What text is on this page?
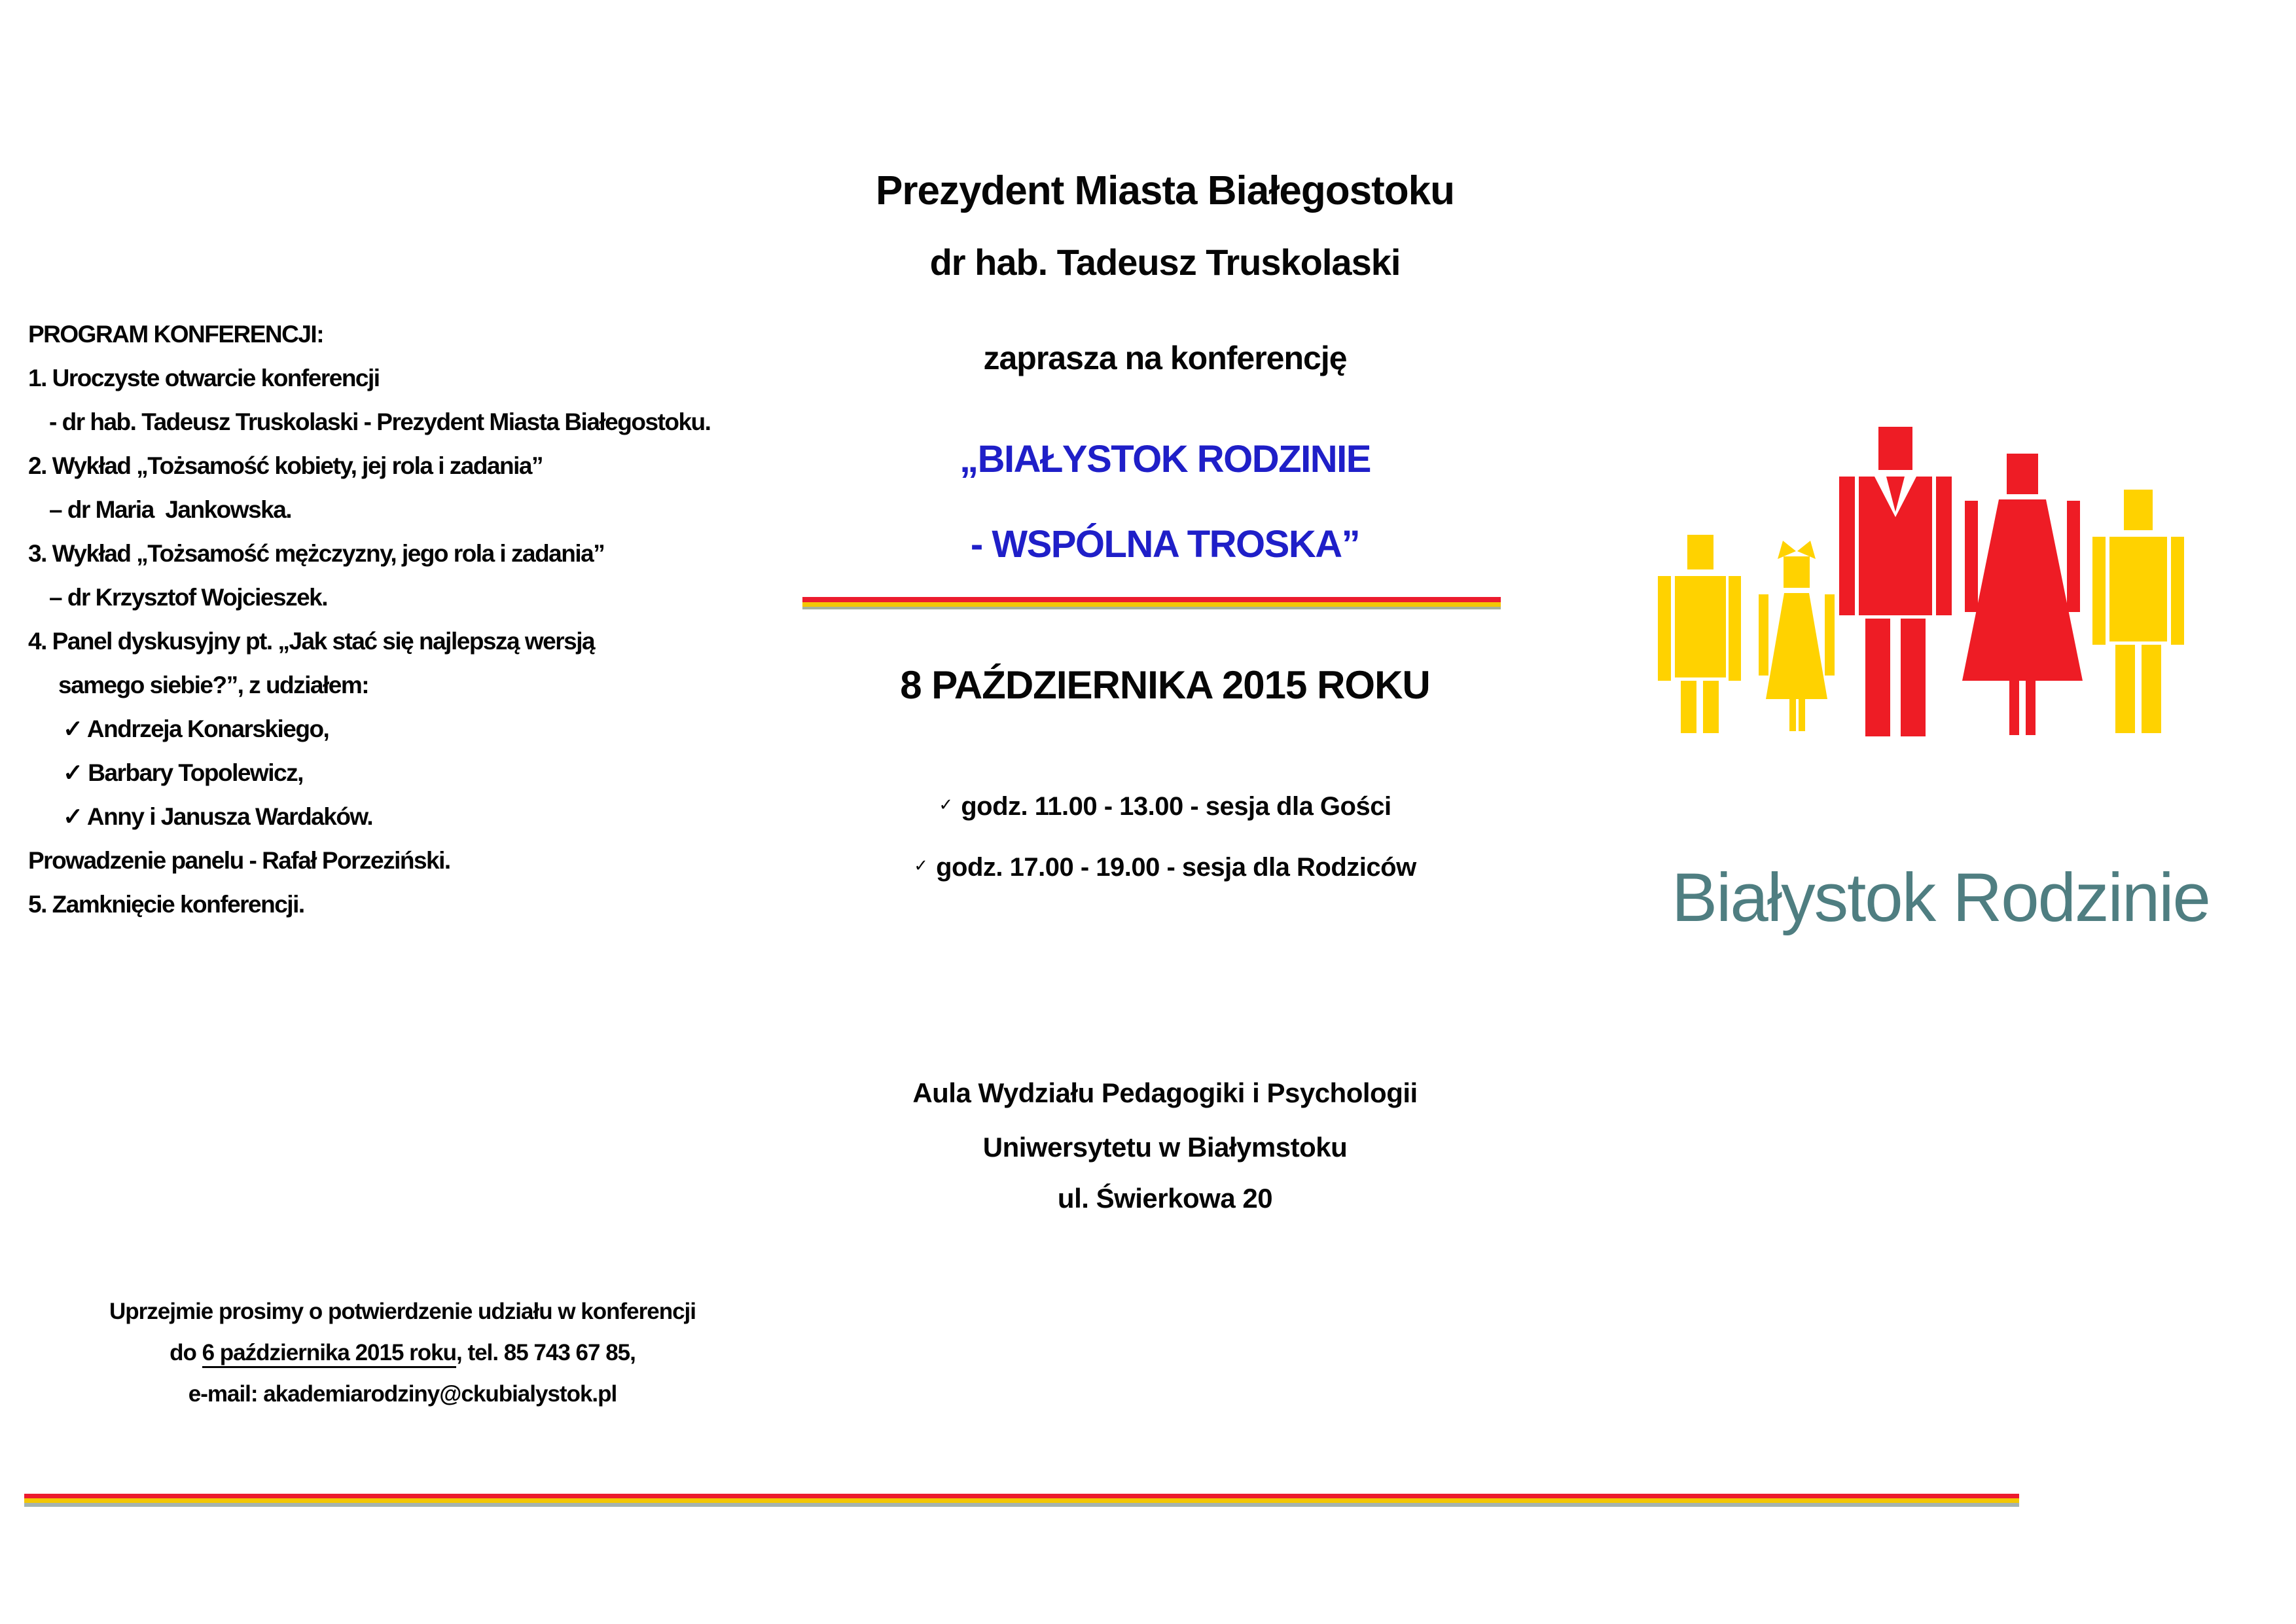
PROGRAM KONFERENCJI:
1. Uroczyste otwarcie konferencji
- dr hab. Tadeusz Truskolaski - Prezydent Miasta Białegostoku.
2. Wykład „Tożsamość kobiety, jej rola i zadania”
– dr Maria  Jankowska.
3. Wykład „Tożsamość mężczyzny, jego rola i zadania”
– dr Krzysztof Wojcieszek.
4. Panel dyskusyjny pt. „Jak stać się najlepszą wersją
samego siebie?”, z udziałem:
✓ Andrzeja Konarskiego,
✓ Barbary Topolewicz,
✓ Anny i Janusza Wardaków.
Prowadzenie panelu - Rafał Porzeziński.
5. Zamknięcie konferencji.
Prezydent Miasta Białegostoku
dr hab. Tadeusz Truskolaski
zaprasza na konferencję
„BIAŁYSTOK RODZINIE
- WSPÓLNA TROSKA”
8 PAŹDZIERNIKA 2015 ROKU
✓ godz. 11.00 - 13.00 - sesja dla Gości
✓ godz. 17.00 - 19.00 - sesja dla Rodziców
Aula Wydziału Pedagogiki i Psychologii
Uniwersytetu w Białymstoku
ul. Świerkowa 20
Uprzejmie prosimy o potwierdzenie udziału w konferencji
do 6 października 2015 roku, tel. 85 743 67 85,
e-mail: akademiarodziny@ckubialystok.pl
Białystok Rodzinie
